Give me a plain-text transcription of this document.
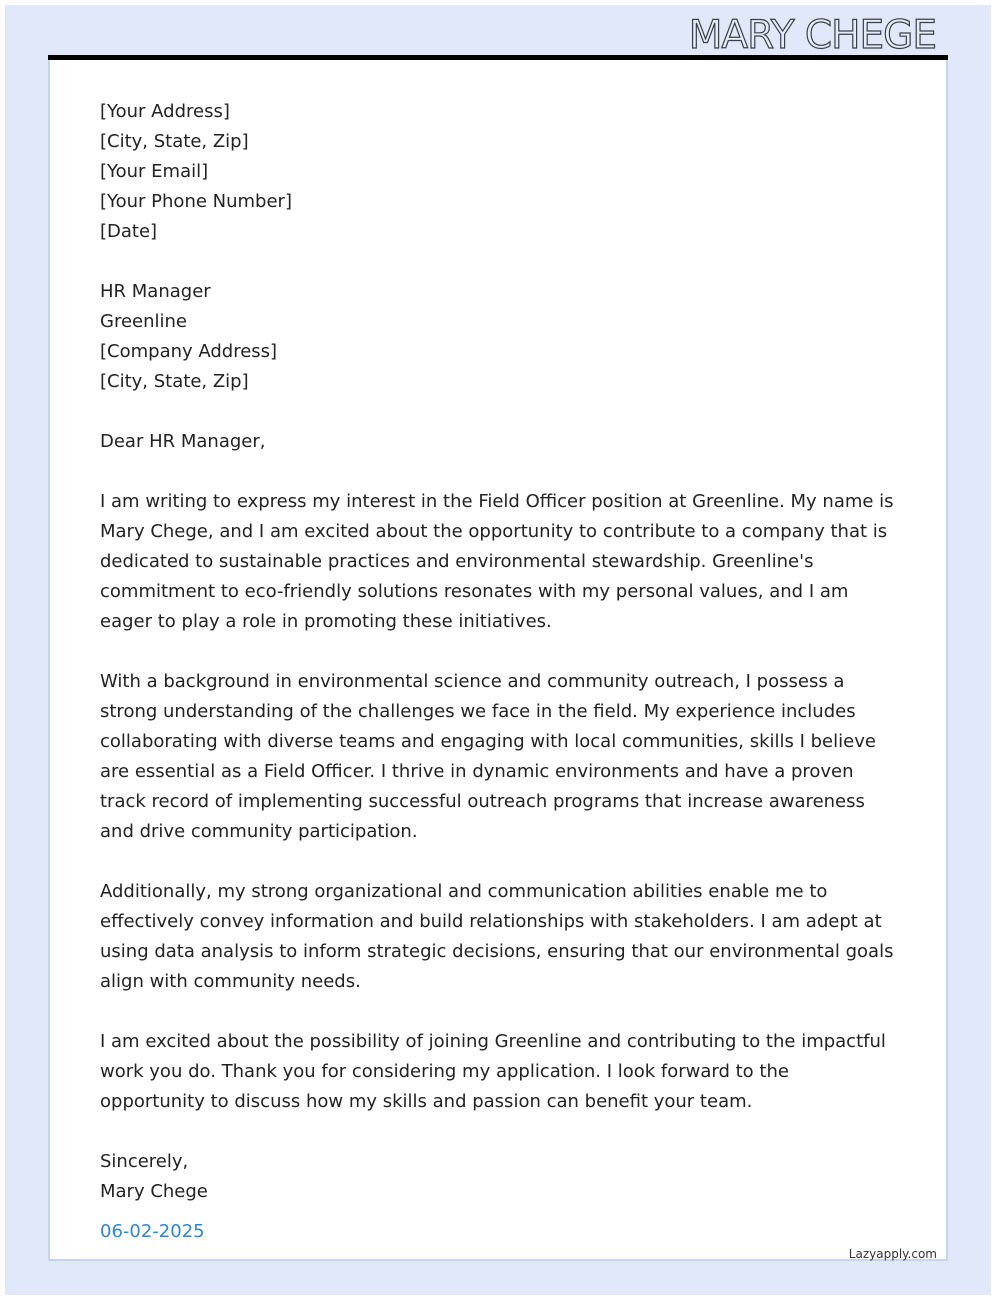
MARY CHEGE
[Your Address]
[City, State, Zip]
[Your Email]
[Your Phone Number]
[Date]
HR Manager
Greenline
[Company Address]
[City, State, Zip]
Dear HR Manager,
I am writing to express my interest in the Field Officer position at Greenline. My name is Mary Chege, and I am excited about the opportunity to contribute to a company that is dedicated to sustainable practices and environmental stewardship. Greenline's commitment to eco-friendly solutions resonates with my personal values, and I am eager to play a role in promoting these initiatives.
With a background in environmental science and community outreach, I possess a strong understanding of the challenges we face in the field. My experience includes collaborating with diverse teams and engaging with local communities, skills I believe are essential as a Field Officer. I thrive in dynamic environments and have a proven track record of implementing successful outreach programs that increase awareness and drive community participation.
Additionally, my strong organizational and communication abilities enable me to effectively convey information and build relationships with stakeholders. I am adept at using data analysis to inform strategic decisions, ensuring that our environmental goals align with community needs.
I am excited about the possibility of joining Greenline and contributing to the impactful work you do. Thank you for considering my application. I look forward to the opportunity to discuss how my skills and passion can benefit your team.
Sincerely,
Mary Chege
06-02-2025
Lazyapply.com
